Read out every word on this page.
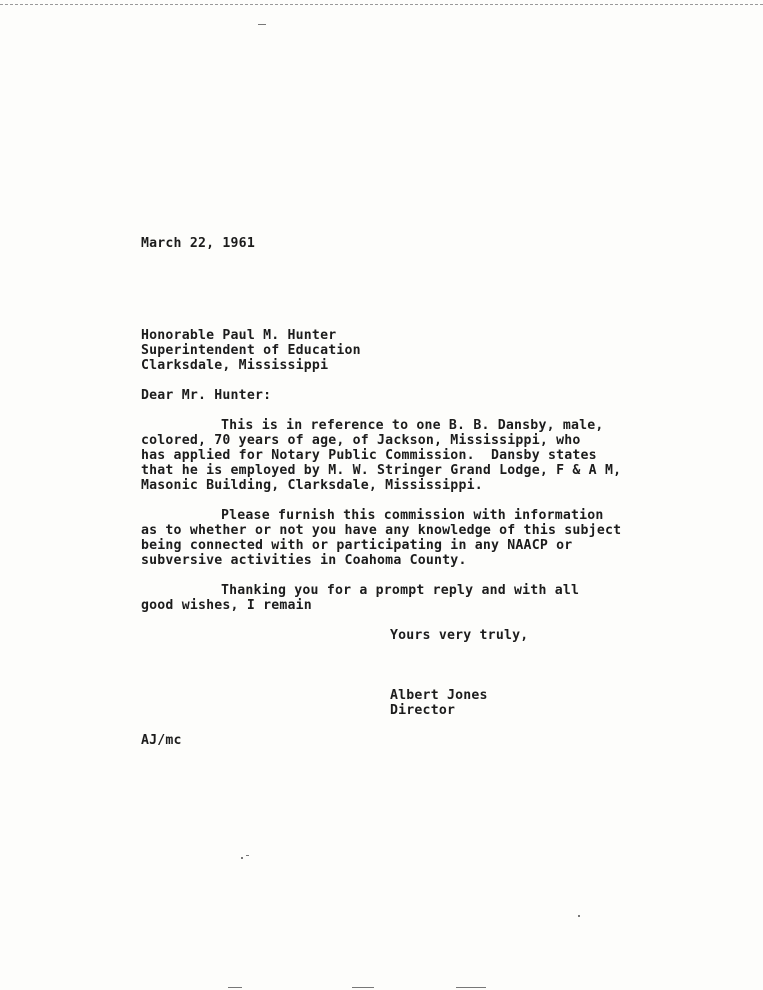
March 22, 1961
Honorable Paul M. Hunter
Superintendent of Education
Clarksdale, Mississippi
Dear Mr. Hunter:
This is in reference to one B. B. Dansby, male,
colored, 70 years of age, of Jackson, Mississippi, who
has applied for Notary Public Commission.  Dansby states
that he is employed by M. W. Stringer Grand Lodge, F & A M,
Masonic Building, Clarksdale, Mississippi.
Please furnish this commission with information
as to whether or not you have any knowledge of this subject
being connected with or participating in any NAACP or
subversive activities in Coahoma County.
Thanking you for a prompt reply and with all
good wishes, I remain
Yours very truly,
Albert Jones
Director
AJ/mc
